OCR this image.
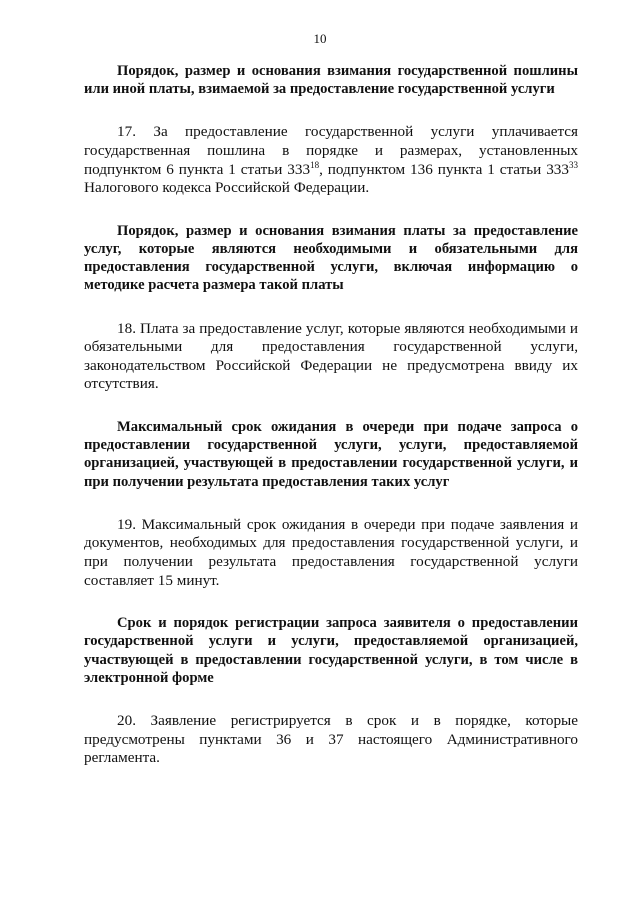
10

Порядок, размер и основания взимания государственной пошлины или иной платы, взимаемой за предоставление государственной услуги

17. За предоставление государственной услуги уплачивается государственная пошлина в порядке и размерах, установленных подпунктом 6 пункта 1 статьи $333^{18}$, подпунктом 136 пункта 1 статьи $333^{33}$ Налогового кодекса Российской Федерации.

Порядок, размер и основания взимания платы за предоставление услуг, которые являются необходимыми и обязательными для предоставления государственной услуги, включая информацию о методике расчета размера такой платы

18. Плата за предоставление услуг, которые являются необходимыми и обязательными для предоставления государственной услуги, законодательством Российской Федерации не предусмотрена ввиду их отсутствия.

Максимальный срок ожидания в очереди при подаче запроса о предоставлении государственной услуги, услуги, предоставляемой организацией, участвующей в предоставлении государственной услуги, и при получении результата предоставления таких услуг

19. Максимальный срок ожидания в очереди при подаче заявления и документов, необходимых для предоставления государственной услуги, и при получении результата предоставления государственной услуги составляет 15 минут.

Срок и порядок регистрации запроса заявителя о предоставлении государственной услуги и услуги, предоставляемой организацией, участвующей в предоставлении государственной услуги, в том числе в электронной форме

20. Заявление регистрируется в срок и в порядке, которые предусмотрены пунктами 36 и 37 настоящего Административного регламента.
